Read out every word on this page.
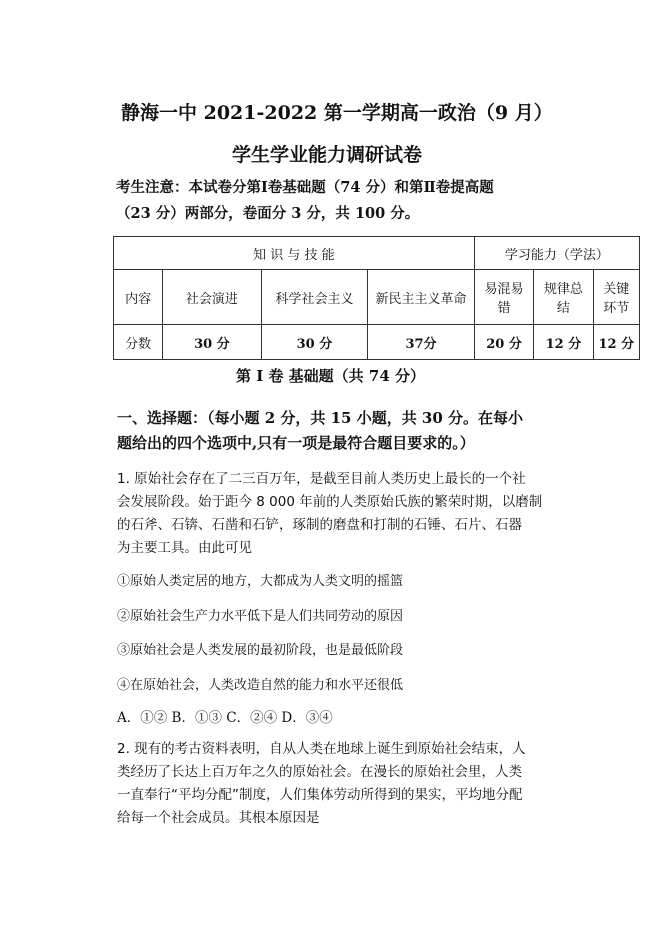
静海一中 2021-2022 第一学期高一政治（9 月）
学生学业能力调研试卷
考生注意：本试卷分第Ⅰ卷基础题（74 分）和第Ⅱ卷提高题
（23 分）两部分，卷面分 3 分，共 100 分。
知 识 与 技 能				学习能力（学法）		
内容	社会演进	科学社会主义	新民主主义革命	易混易错	规律总结	关键环节
分数	30 分	30 分	37分	20 分	12 分	12 分
第 I 卷 基础题（共 74 分）
一、选择题：（每小题 2 分，共 15 小题，共 30 分。在每小
题给出的四个选项中,只有一项是最符合题目要求的。）
1. 原始社会存在了二三百万年，是截至目前人类历史上最长的一个社
会发展阶段。始于距今 8 000 年前的人类原始氏族的繁荣时期，以磨制
的石斧、石锛、石凿和石铲，琢制的磨盘和打制的石锤、石片、石器
为主要工具。由此可见
①原始人类定居的地方，大都成为人类文明的摇篮
②原始社会生产力水平低下是人们共同劳动的原因
③原始社会是人类发展的最初阶段，也是最低阶段
④在原始社会，人类改造自然的能力和水平还很低
A．①② B．①③ C．②④ D．③④
2. 现有的考古资料表明，自从人类在地球上诞生到原始社会结束，人
类经历了长达上百万年之久的原始社会。在漫长的原始社会里，人类
一直奉行“平均分配”制度，人们集体劳动所得到的果实，平均地分配
给每一个社会成员。其根本原因是
